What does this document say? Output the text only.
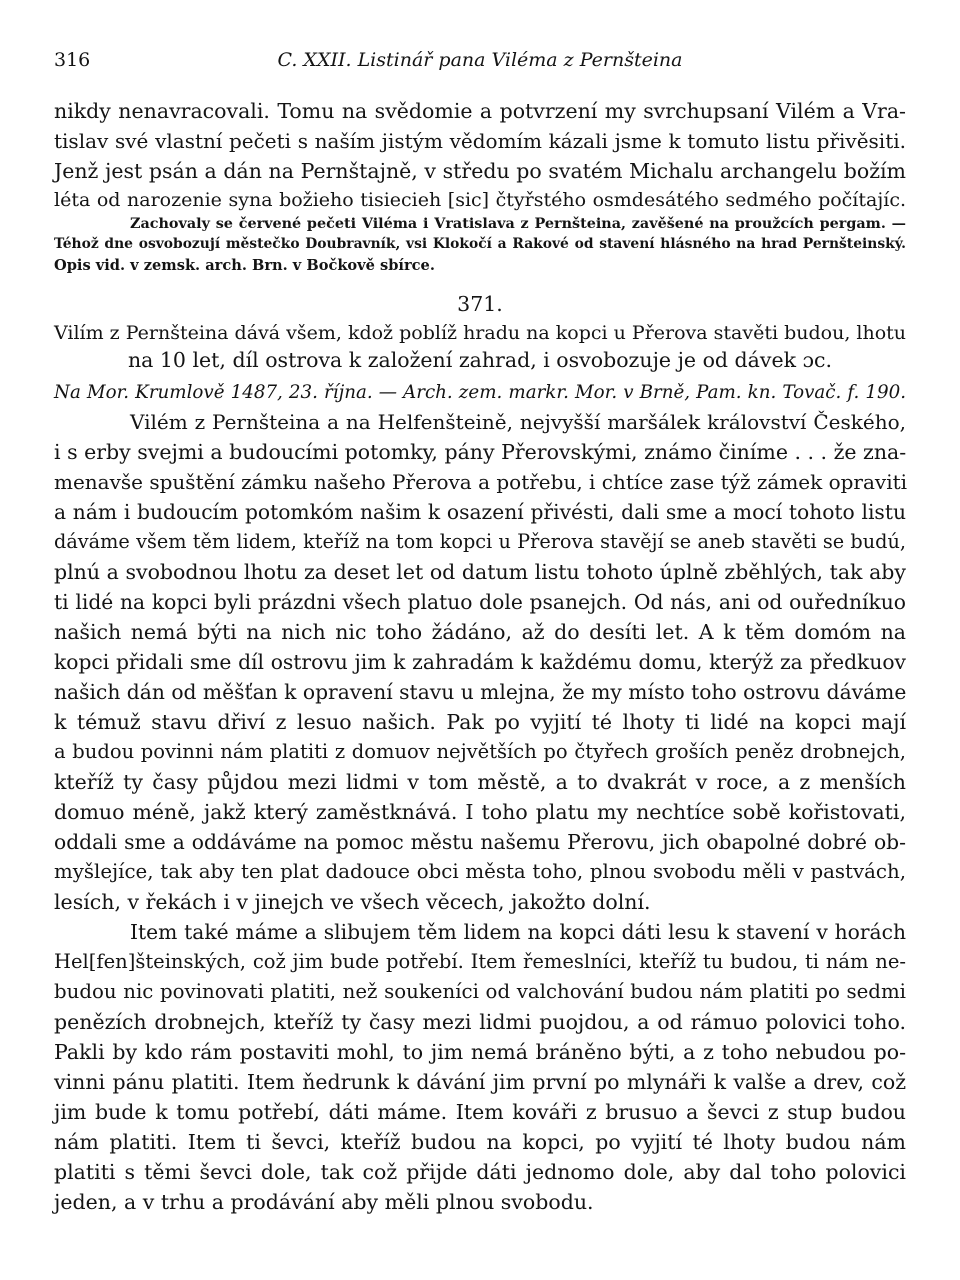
316	C. XXII. Listinář pana Viléma z Pernšteina
nikdy nenavracovali. Tomu na svědomie a potvrzení my svrchupsaní Vilém a Vra-
tislav své vlastní pečeti s naším jistým vědomím kázali jsme k tomuto listu přivěsiti.
Jenž jest psán a dán na Pernštajně, v středu po svatém Michalu archangelu božím
léta od narozenie syna božieho tisiecieh [sic] čtyřstého osmdesátého sedmého počítajíc.
Zachovaly se červené pečeti Viléma i Vratislava z Pernšteina, zavěšené na proužcích pergam. —
Téhož dne osvobozují městečko Doubravník, vsi Klokočí a Rakové od stavení hlásného na hrad Pernšteinský.
Opis vid. v zemsk. arch. Brn. v Bočkově sbírce.
371.
Vilím z Pernšteina dává všem, kdož poblíž hradu na kopci u Přerova stavěti budou, lhotu
na 10 let, díl ostrova k založení zahrad, i osvobozuje je od dávek ɔc.
Na Mor. Krumlově 1487, 23. října. — Arch. zem. markr. Mor. v Brně, Pam. kn. Tovač. f. 190.
Vilém z Pernšteina a na Helfenšteině, nejvyšší maršálek království Českého,
i s erby svejmi a budoucími potomky, pány Přerovskými, známo činíme . . . že zna-
menavše spuštění zámku našeho Přerova a potřebu, i chtíce zase týž zámek opraviti
a nám i budoucím potomkóm našim k osazení přivésti, dali sme a mocí tohoto listu
dáváme všem těm lidem, kteříž na tom kopci u Přerova stavějí se aneb stavěti se budú,
plnú a svobodnou lhotu za deset let od datum listu tohoto úplně zběhlých, tak aby
ti lidé na kopci byli prázdni všech platuo dole psanejch. Od nás, ani od ouředníkuo
našich nemá býti na nich nic toho žádáno, až do desíti let. A k těm domóm na
kopci přidali sme díl ostrovu jim k zahradám k každému domu, kterýž za předkuov
našich dán od měšťan k opravení stavu u mlejna, že my místo toho ostrovu dáváme
k témuž stavu dřiví z lesuo našich. Pak po vyjití té lhoty ti lidé na kopci mají
a budou povinni nám platiti z domuov největších po čtyřech groších peněz drobnejch,
kteříž ty časy půjdou mezi lidmi v tom městě, a to dvakrát v roce, a z menších
domuo méně, jakž který zaměstknává. I toho platu my nechtíce sobě kořistovati,
oddali sme a oddáváme na pomoc městu našemu Přerovu, jich obapolné dobré ob-
myšlejíce, tak aby ten plat dadouce obci města toho, plnou svobodu měli v pastvách,
lesích, v řekách i v jinejch ve všech věcech, jakožto dolní.
Item také máme a slibujem těm lidem na kopci dáti lesu k stavení v horách
Hel[fen]šteinských, což jim bude potřebí. Item řemeslníci, kteříž tu budou, ti nám ne-
budou nic povinovati platiti, než soukeníci od valchování budou nám platiti po sedmi
penězích drobnejch, kteříž ty časy mezi lidmi puojdou, a od rámuo polovici toho.
Pakli by kdo rám postaviti mohl, to jim nemá bráněno býti, a z toho nebudou po-
vinni pánu platiti. Item ňedrunk k dávání jim první po mlynáři k valše a drev, což
jim bude k tomu potřebí, dáti máme. Item kováři z brusuo a ševci z stup budou
nám platiti. Item ti ševci, kteříž budou na kopci, po vyjití té lhoty budou nám
platiti s těmi ševci dole, tak což přijde dáti jednomo dole, aby dal toho polovici
jeden, a v trhu a prodávání aby měli plnou svobodu.
